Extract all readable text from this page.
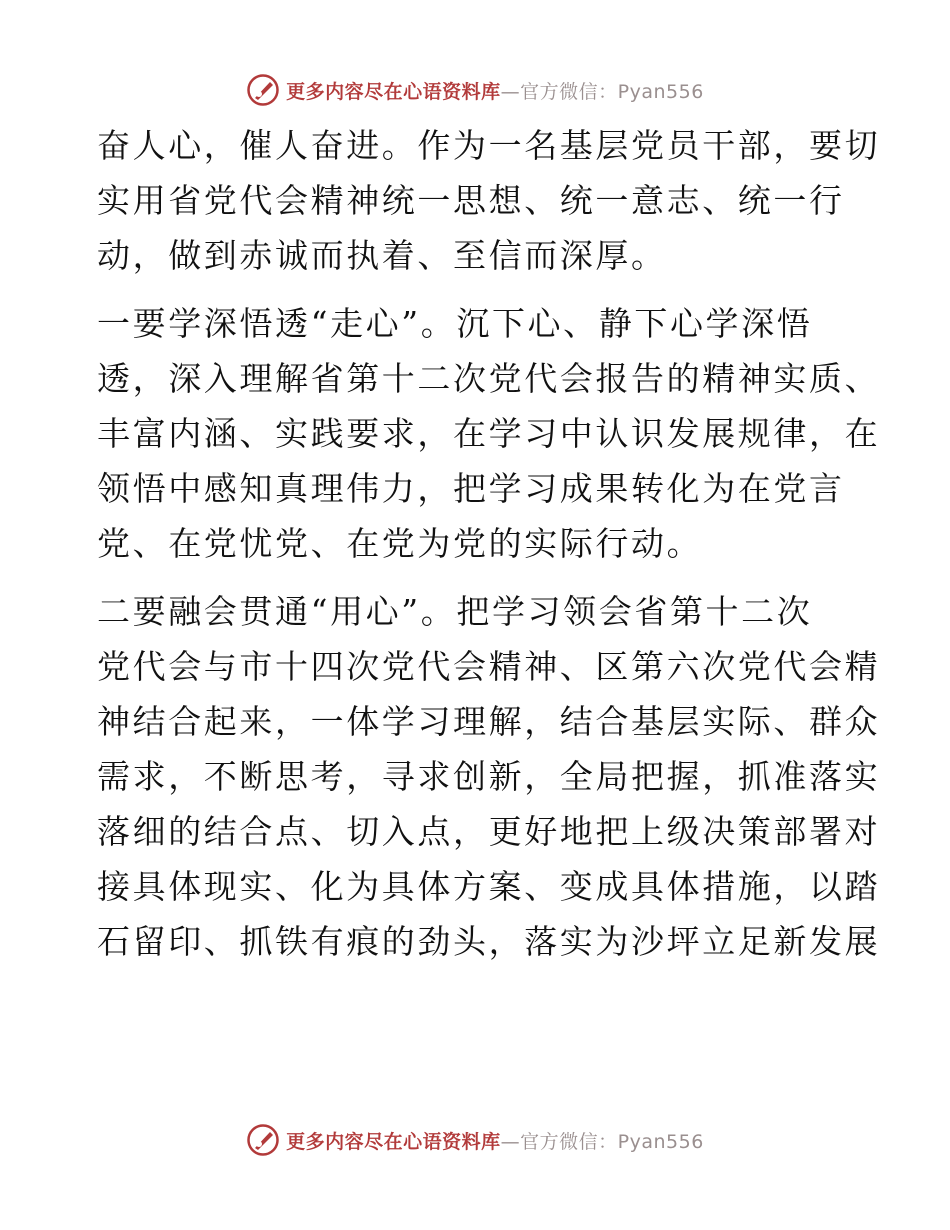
更多内容尽在心语资料库 —官方微信：Pyan556
奋人心，催人奋进。作为一名基层党员干部，要切
实用省党代会精神统一思想、统一意志、统一行
动，做到赤诚而执着、至信而深厚。
一要学深悟透“走心”。沉下心、静下心学深悟
透，深入理解省第十二次党代会报告的精神实质、
丰富内涵、实践要求，在学习中认识发展规律，在
领悟中感知真理伟力，把学习成果转化为在党言
党、在党忧党、在党为党的实际行动。
二要融会贯通“用心”。把学习领会省第十二次
党代会与市十四次党代会精神、区第六次党代会精
神结合起来，一体学习理解，结合基层实际、群众
需求，不断思考，寻求创新，全局把握，抓准落实
落细的结合点、切入点，更好地把上级决策部署对
接具体现实、化为具体方案、变成具体措施，以踏
石留印、抓铁有痕的劲头，落实为沙坪立足新发展
更多内容尽在心语资料库 —官方微信：Pyan556
